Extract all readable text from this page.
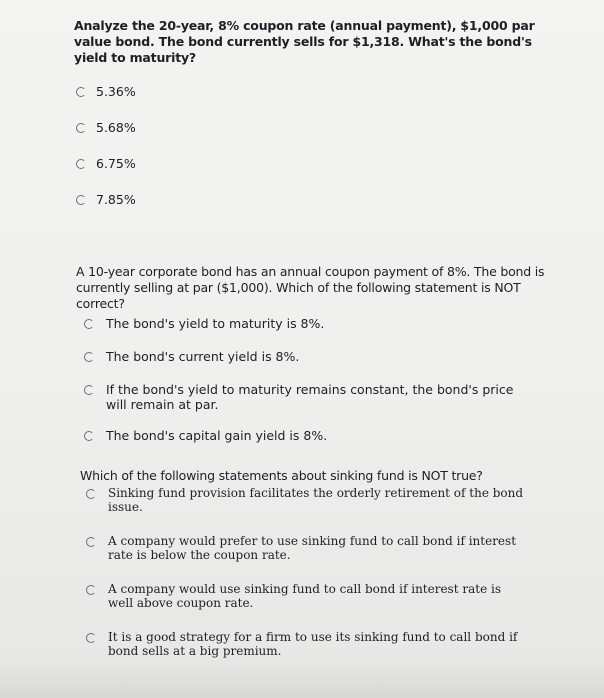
Analyze the 20-year, 8% coupon rate (annual payment), $1,000 par value bond. The bond currently sells for $1,318. What's the bond's yield to maturity?
5.36%
5.68%
6.75%
7.85%
A 10-year corporate bond has an annual coupon payment of 8%. The bond is currently selling at par ($1,000). Which of the following statement is NOT correct?
The bond's yield to maturity is 8%.
The bond's current yield is 8%.
If the bond's yield to maturity remains constant, the bond's price will remain at par.
The bond's capital gain yield is 8%.
Which of the following statements about sinking fund is NOT true?
Sinking fund provision facilitates the orderly retirement of the bond issue.
A company would prefer to use sinking fund to call bond if interest rate is below the coupon rate.
A company would use sinking fund to call bond if interest rate is well above coupon rate.
It is a good strategy for a firm to use its sinking fund to call bond if bond sells at a big premium.
